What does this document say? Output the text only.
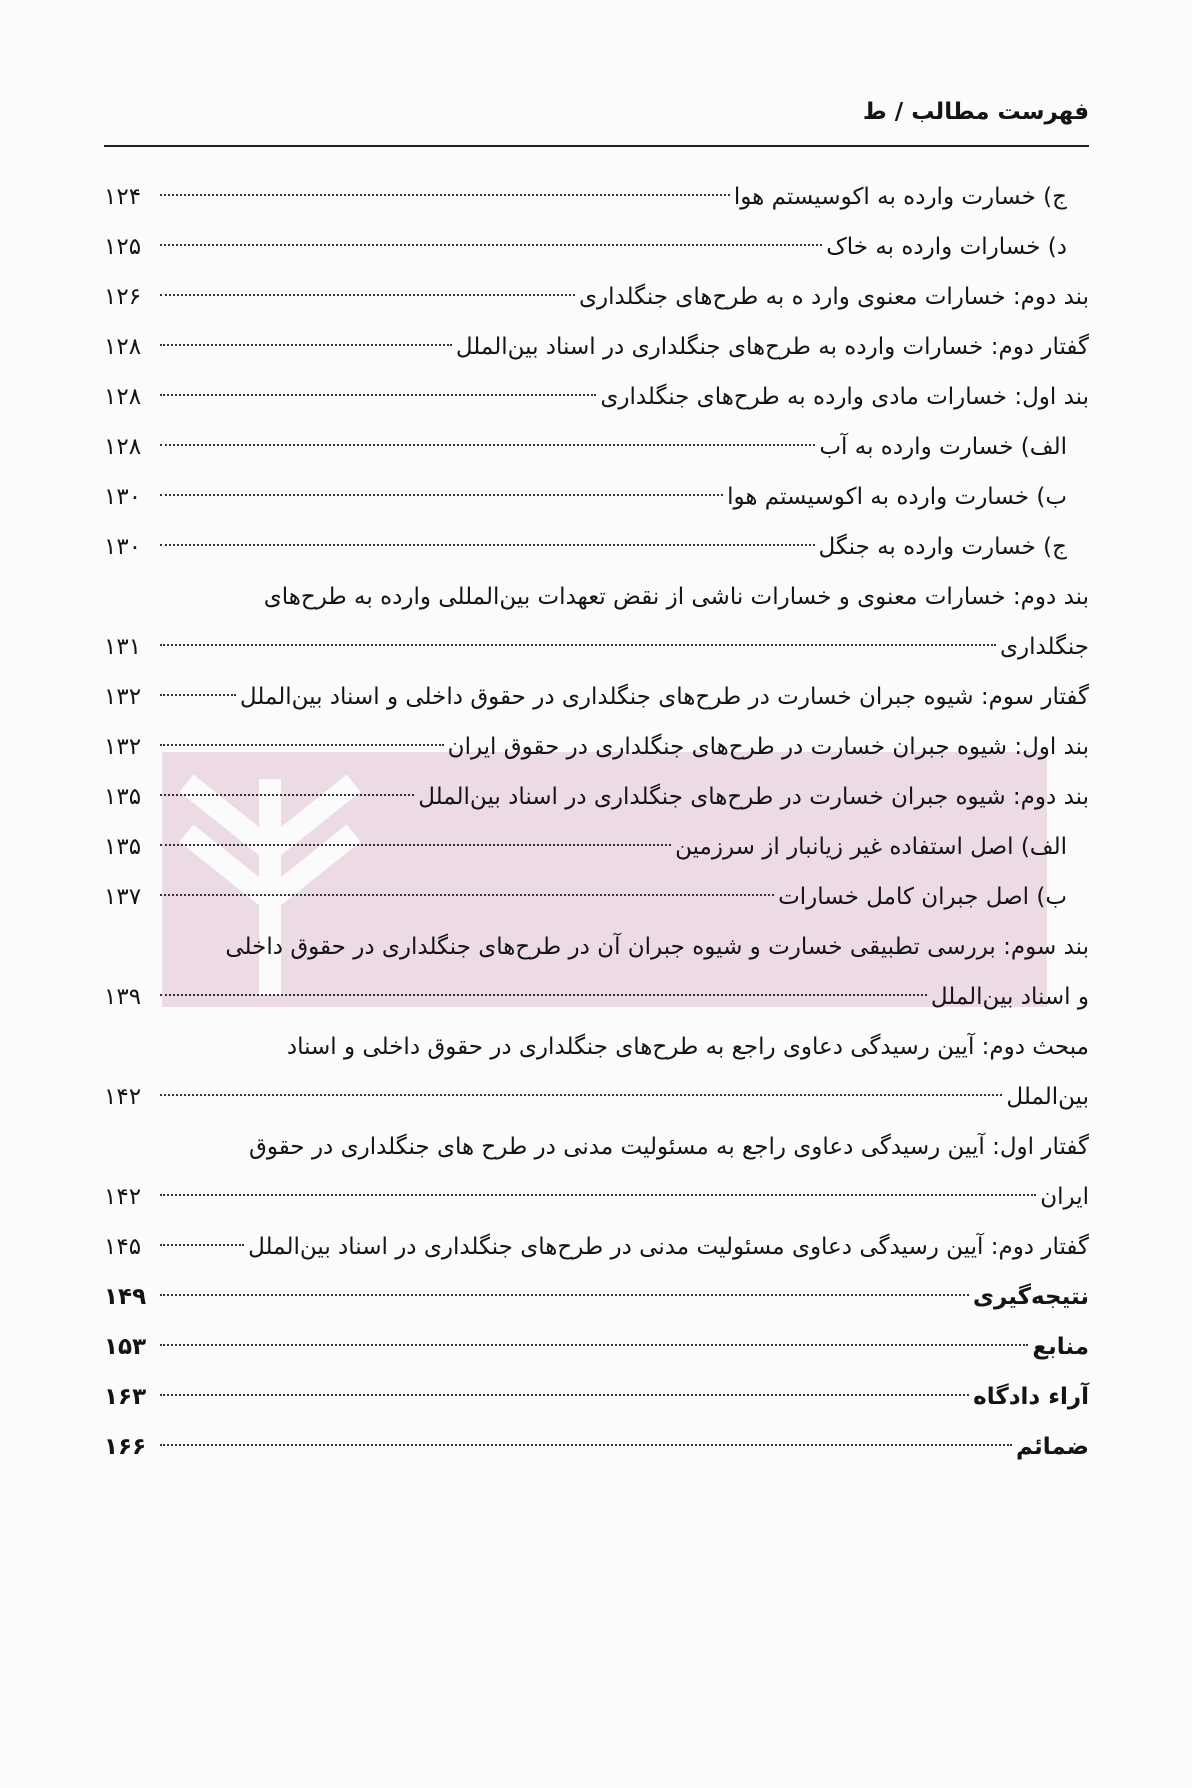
فهرست مطالب / ط
ج) خسارت وارده به اکوسیستم هوا
۱۲۴
د) خسارات وارده به خاک
۱۲۵
بند دوم: خسارات معنوی وارد ه به طرح‌های جنگلداری
۱۲۶
گفتار دوم: خسارات وارده به طرح‌های جنگلداری در اسناد بین‌الملل
۱۲۸
بند اول: خسارات مادی وارده به طرح‌های جنگلداری
۱۲۸
الف) خسارت وارده به آب
۱۲۸
ب) خسارت وارده به اکوسیستم هوا
۱۳۰
ج) خسارت وارده به جنگل
۱۳۰
بند دوم: خسارات معنوی و خسارات ناشی از نقض تعهدات بین‌المللی وارده به طرح‌های
جنگلداری
۱۳۱
گفتار سوم: شیوه جبران خسارت در طرح‌های جنگلداری در حقوق داخلی و اسناد بین‌الملل
۱۳۲
بند اول: شیوه جبران خسارت در طرح‌های جنگلداری در حقوق ایران
۱۳۲
بند دوم: شیوه جبران خسارت در طرح‌های جنگلداری در اسناد بین‌الملل
۱۳۵
الف) اصل استفاده غیر زیانبار از سرزمین
۱۳۵
ب) اصل جبران کامل خسارات
۱۳۷
بند سوم: بررسی تطبیقی خسارت و شیوه جبران آن در طرح‌های جنگلداری در حقوق داخلی
و اسناد بین‌الملل
۱۳۹
مبحث دوم: آیین رسیدگی دعاوی راجع به طرح‌های جنگلداری در حقوق داخلی و اسناد
بین‌الملل
۱۴۲
گفتار اول: آیین رسیدگی دعاوی راجع به مسئولیت مدنی در طرح های جنگلداری در حقوق
ایران
۱۴۲
گفتار دوم: آیین رسیدگی دعاوی مسئولیت مدنی در طرح‌های جنگلداری در اسناد بین‌الملل
۱۴۵
نتیجه‌گیری
۱۴۹
منابع
۱۵۳
آراء دادگاه
۱۶۳
ضمائم
۱۶۶
